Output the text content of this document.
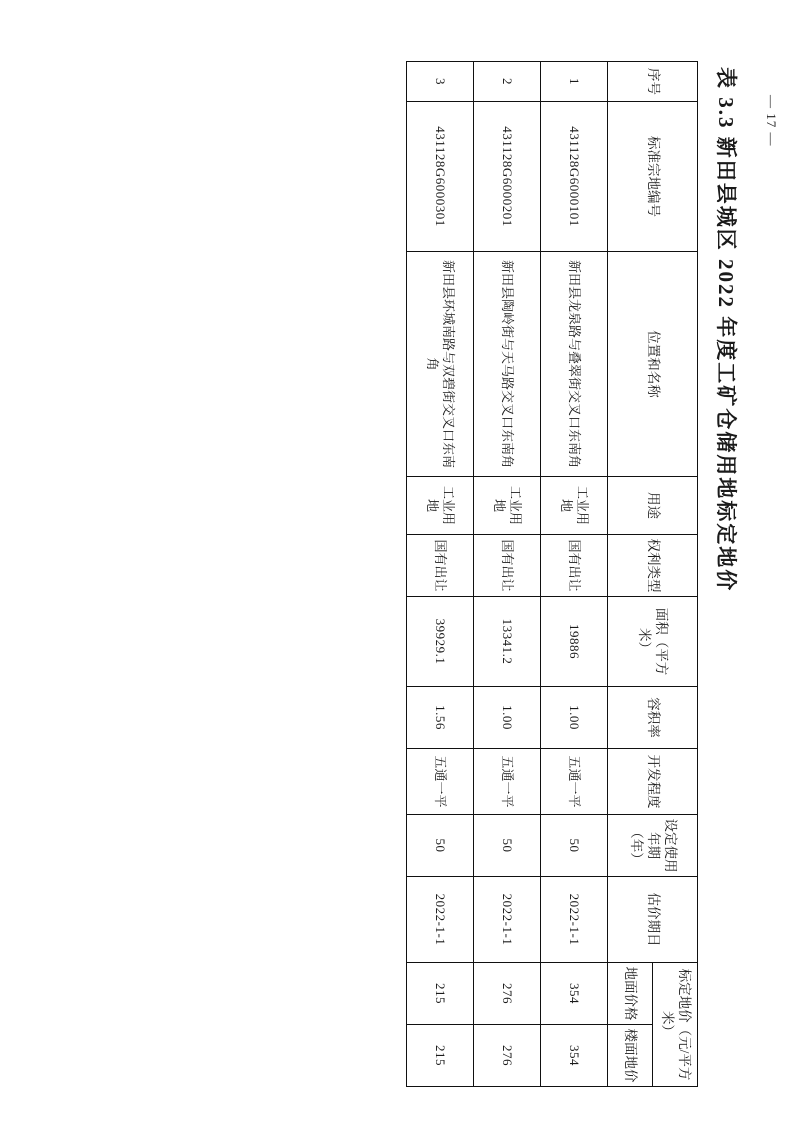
— 17 —
表 3.3 新田县城区 2022 年度工矿仓储用地标定地价
序号	标准宗地编号	位置和名称	用途	权利类型	面积（平方米）	容积率	开发程度	设定使用年期（年）	估价期日	标定地价（元/平方米）	
										地面价格	楼面地价
1	431128G6000101	新田县龙泉路与叠翠街交叉口东南角	工业用地	国有出让	19886	1.00	五通一平	50	2022-1-1	354	354
2	431128G6000201	新田县陶岭街与天马路交叉口东南角	工业用地	国有出让	13341.2	1.00	五通一平	50	2022-1-1	276	276
3	431128G6000301	新田县环城南路与双碧街交叉口东南角	工业用地	国有出让	39929.1	1.56	五通一平	50	2022-1-1	215	215
